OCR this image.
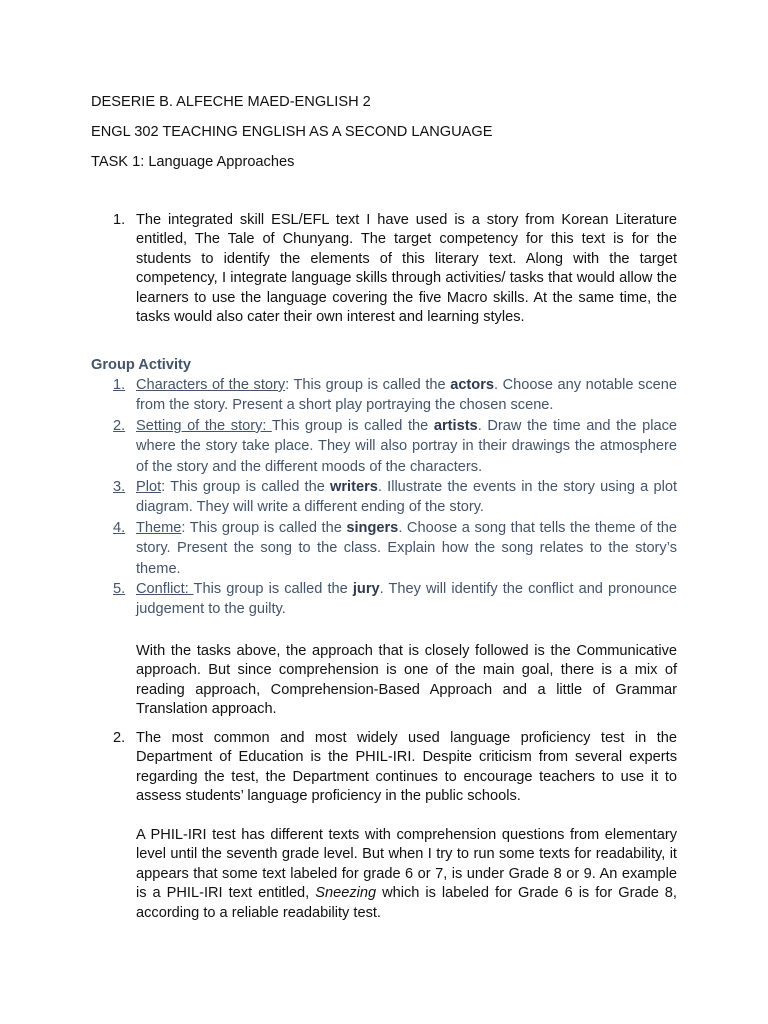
DESERIE B. ALFECHE MAED-ENGLISH 2
ENGL 302 TEACHING ENGLISH AS A SECOND LANGUAGE
TASK 1: Language Approaches
1. The integrated skill ESL/EFL text I have used is a story from Korean Literature entitled, The Tale of Chunyang. The target competency for this text is for the students to identify the elements of this literary text. Along with the target competency, I integrate language skills through activities/ tasks that would allow the learners to use the language covering the five Macro skills. At the same time, the tasks would also cater their own interest and learning styles.
Group Activity
1. Characters of the story: This group is called the actors. Choose any notable scene from the story. Present a short play portraying the chosen scene.
2. Setting of the story: This group is called the artists. Draw the time and the place where the story take place. They will also portray in their drawings the atmosphere of the story and the different moods of the characters.
3. Plot: This group is called the writers. Illustrate the events in the story using a plot diagram. They will write a different ending of the story.
4. Theme: This group is called the singers. Choose a song that tells the theme of the story. Present the song to the class. Explain how the song relates to the story’s theme.
5. Conflict: This group is called the jury. They will identify the conflict and pronounce judgement to the guilty.
With the tasks above, the approach that is closely followed is the Communicative approach. But since comprehension is one of the main goal, there is a mix of reading approach, Comprehension-Based Approach and a little of Grammar Translation approach.
2. The most common and most widely used language proficiency test in the Department of Education is the PHIL-IRI. Despite criticism from several experts regarding the test, the Department continues to encourage teachers to use it to assess students’ language proficiency in the public schools.
A PHIL-IRI test has different texts with comprehension questions from elementary level until the seventh grade level. But when I try to run some texts for readability, it appears that some text labeled for grade 6 or 7, is under Grade 8 or 9. An example is a PHIL-IRI text entitled, Sneezing which is labeled for Grade 6 is for Grade 8, according to a reliable readability test.
